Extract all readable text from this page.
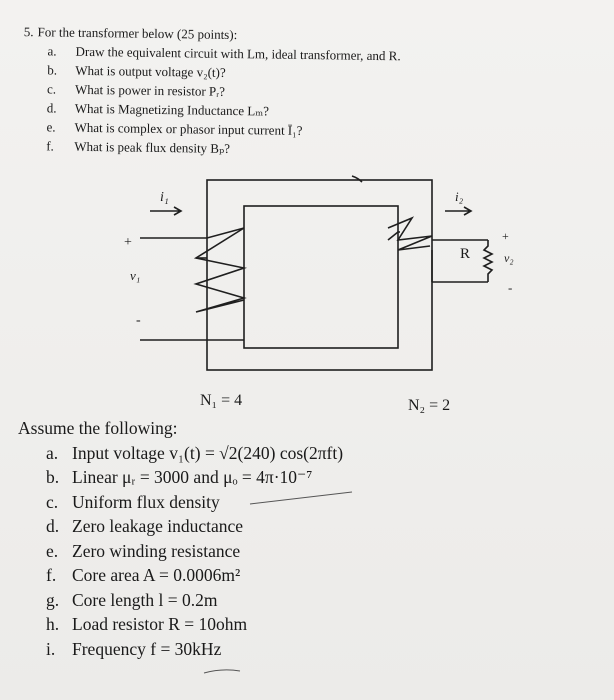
5. For the transformer below (25 points):
a.	Draw the equivalent circuit with Lm, ideal transformer, and R.
b.	What is output voltage v₂(t)?
c.	What is power in resistor Pᵣ?
d.	What is Magnetizing Inductance Lₘ?
e.	What is complex or phasor input current Ī₁?
f.	What is peak flux density Bₚ?
i₁	i₂
+
v₁
-
R
+
v₂
-
N₁ = 4	N₂ = 2
Assume the following:
a. Input voltage v₁(t) = √2(240) cos(2πft)
b. Linear μᵣ = 3000 and μₒ = 4π·10⁻⁷
c. Uniform flux density
d. Zero leakage inductance
e. Zero winding resistance
f. Core area A = 0.0006m²
g. Core length l = 0.2m
h. Load resistor R = 10ohm
i. Frequency f = 30kHz
